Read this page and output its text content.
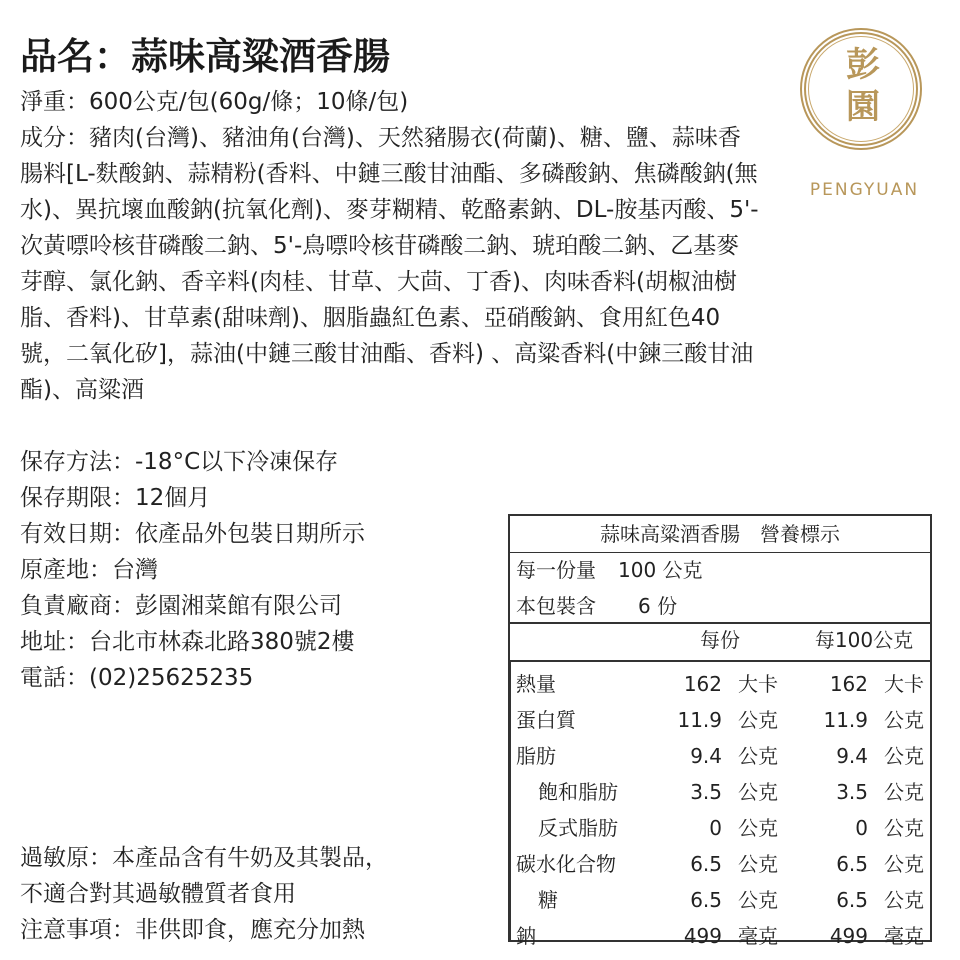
品名：蒜味高粱酒香腸

淨重：600公克/包(60g/條；10條/包)

成分：豬肉(台灣)、豬油角(台灣)、天然豬腸衣(荷蘭)、糖、鹽、蒜味香腸料[L-麩酸鈉、蒜精粉(香料、中鏈三酸甘油酯、多磷酸鈉、焦磷酸鈉(無水)、異抗壞血酸鈉(抗氧化劑)、麥芽糊精、乾酪素鈉、DL-胺基丙酸、5'-次黃嘌呤核苷磷酸二鈉、5'-鳥嘌呤核苷磷酸二鈉、琥珀酸二鈉、乙基麥芽醇、氯化鈉、香辛料(肉桂、甘草、大茴、丁香)、肉味香料(胡椒油樹脂、香料)、甘草素(甜味劑)、胭脂蟲紅色素、亞硝酸鈉、食用紅色40號，二氧化矽]，蒜油(中鏈三酸甘油酯、香料) 、高粱香料(中鍊三酸甘油酯)、高粱酒

保存方法：-18°C以下冷凍保存

保存期限：12個月

有效日期：依產品外包裝日期所示

原產地：台灣

負責廠商：彭園湘菜館有限公司

地址：台北市林森北路380號2樓

電話：(02)25625235

過敏原：本產品含有牛奶及其製品，

不適合對其過敏體質者食用

注意事項：非供即食，應充分加熱

彭
園
PENGYUAN
蒜味高粱酒香腸　營養標示
每一份量 100 公克
本包裝含 6 份
每份	每100公克
熱量	162 大卡	162 大卡
蛋白質	11.9 公克	11.9 公克
脂肪	9.4 公克	9.4 公克
飽和脂肪	3.5 公克	3.5 公克
反式脂肪	0 公克	0 公克
碳水化合物	6.5 公克	6.5 公克
糖	6.5 公克	6.5 公克
鈉	499 毫克	499 毫克
